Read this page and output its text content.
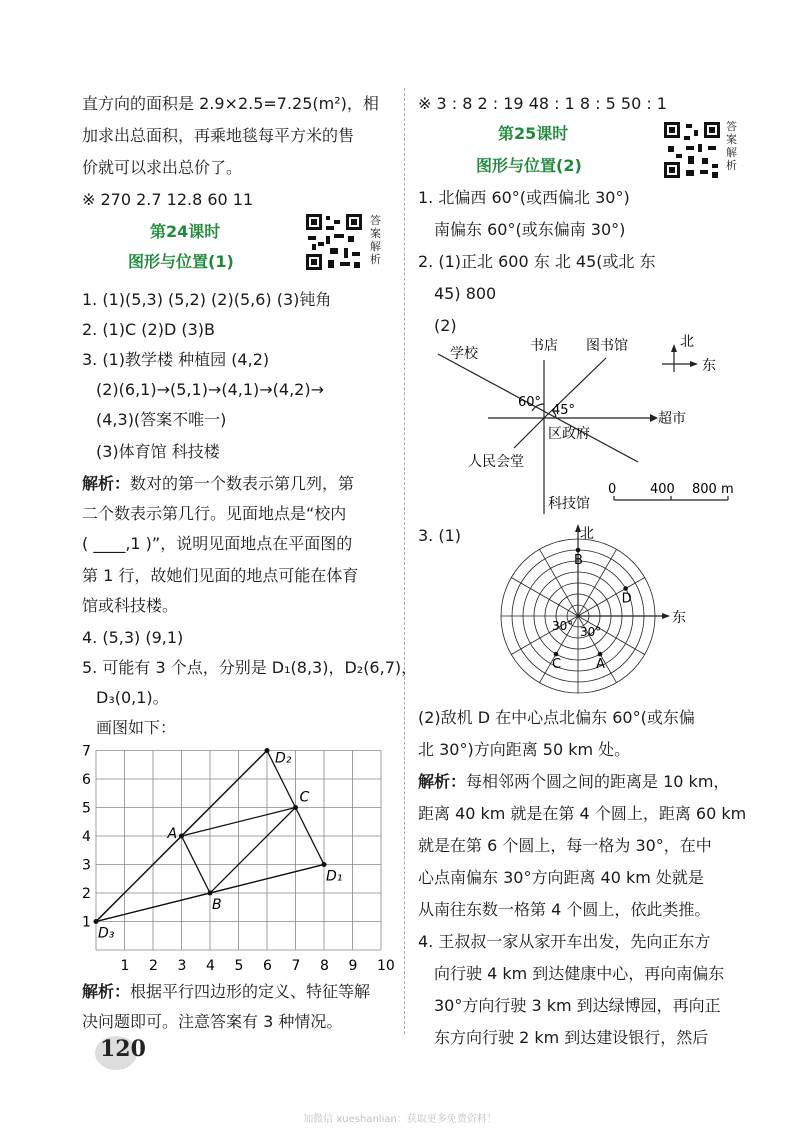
直方向的面积是 2.9×2.5=7.25(m²)，相
加求出总面积，再乘地毯每平方米的售
价就可以求出总价了。
※ 270 2.7 12.8 60 11
第24课时
图形与位置(1)
答案解析
1. (1)(5,3) (5,2) (2)(5,6) (3)钝角
2. (1)C (2)D (3)B
3. (1)教学楼 种植园 (4,2)
(2)(6,1)→(5,1)→(4,1)→(4,2)→
(4,3)(答案不唯一)
(3)体育馆 科技楼
解析：数对的第一个数表示第几列，第
二个数表示第几行。见面地点是“校内
( ____,1 )”，说明见面地点在平面图的
第 1 行，故她们见面的地点可能在体育
馆或科技楼。
4. (5,3) (9,1)
5. 可能有 3 个点，分别是 D₁(8,3)，D₂(6,7)，
D₃(0,1)。
画图如下：
1 2 3 4 5 6 7 8 9 10
1
2
3
4
5
6
7
A
B
C
D₁
D₂
D₃
解析：根据平行四边形的定义、特征等解
决问题即可。注意答案有 3 种情况。
※ 3 : 8 2 : 19 48 : 1 8 : 5 50 : 1
第25课时
图形与位置(2)
答案解析
1. 北偏西 60°(或西偏北 30°)
南偏东 60°(或东偏南 30°)
2. (1)正北 600 东 北 45(或北 东
45) 800
(2)
学校	书店 图书馆	北
东
超市
区政府
人民会堂
科技馆
60°
45°
0	400 800 m
3. (1)	北
东
B
D
C	A
30° 30°
(2)敌机 D 在中心点北偏东 60°(或东偏
北 30°)方向距离 50 km 处。
解析：每相邻两个圆之间的距离是 10 km，
距离 40 km 就是在第 4 个圆上，距离 60 km
就是在第 6 个圆上，每一格为 30°，在中
心点南偏东 30°方向距离 40 km 处就是
从南往东数一格第 4 个圆上，依此类推。
4. 王叔叔一家从家开车出发，先向正东方
向行驶 4 km 到达健康中心，再向南偏东
30°方向行驶 3 km 到达绿博园，再向正
东方向行驶 2 km 到达建设银行，然后
120
加微信 xueshanlian：获取更多免费资料！
